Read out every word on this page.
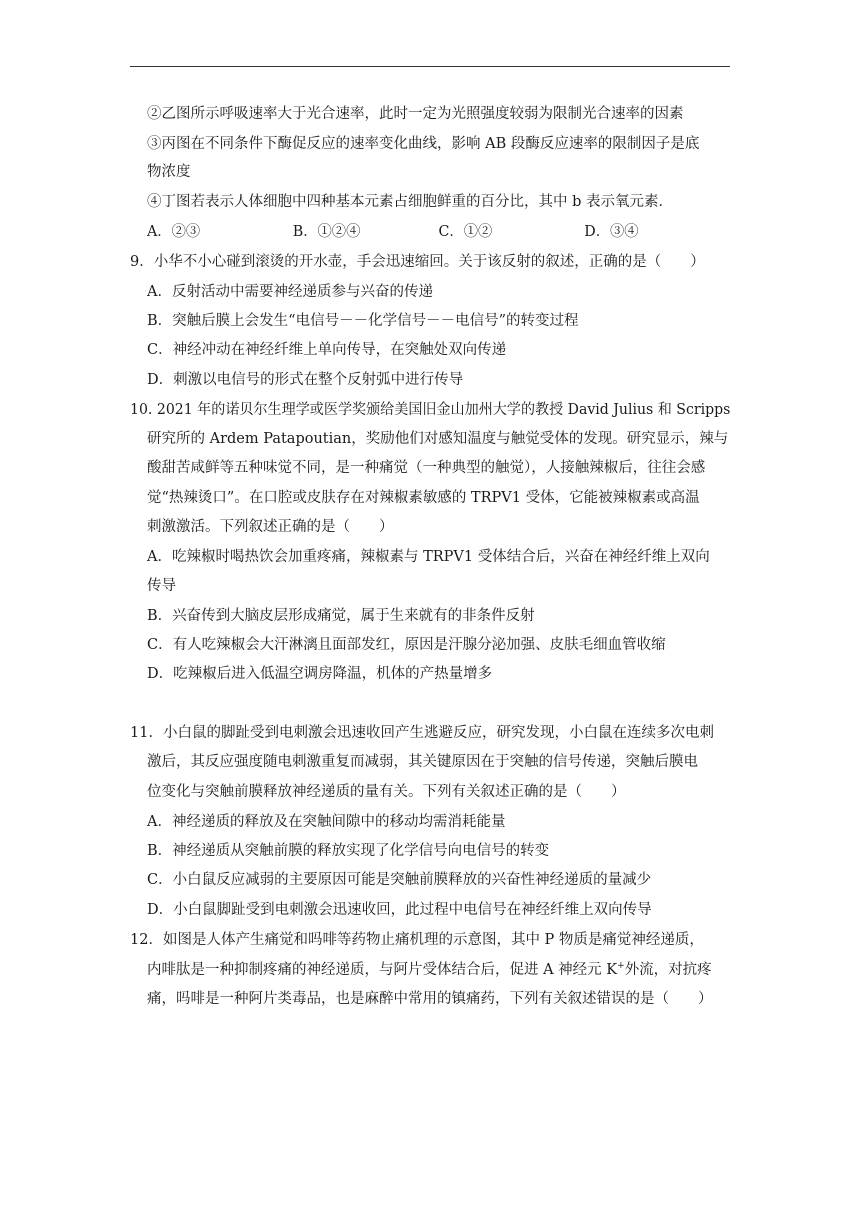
②乙图所示呼吸速率大于光合速率，此时一定为光照强度较弱为限制光合速率的因素
③丙图在不同条件下酶促反应的速率变化曲线，影响 AB 段酶反应速率的限制因子是底
物浓度
④丁图若表示人体细胞中四种基本元素占细胞鲜重的百分比，其中 b 表示氧元素．
A．②③	B．①②④	C．①②	D．③④
9．小华不小心碰到滚烫的开水壶，手会迅速缩回。关于该反射的叙述，正确的是（　　）
A．反射活动中需要神经递质参与兴奋的传递
B．突触后膜上会发生“电信号－－化学信号－－电信号”的转变过程
C．神经冲动在神经纤维上单向传导，在突触处双向传递
D．刺激以电信号的形式在整个反射弧中进行传导
10. 2021 年的诺贝尔生理学或医学奖颁给美国旧金山加州大学的教授 David Julius 和 Scripps
研究所的 Ardem Patapoutian，奖励他们对感知温度与触觉受体的发现。研究显示，辣与
酸甜苦咸鲜等五种味觉不同，是一种痛觉（一种典型的触觉），人接触辣椒后，往往会感
觉“热辣烫口”。在口腔或皮肤存在对辣椒素敏感的 TRPV1 受体，它能被辣椒素或高温
刺激激活。下列叙述正确的是（　　）
A．吃辣椒时喝热饮会加重疼痛，辣椒素与 TRPV1 受体结合后，兴奋在神经纤维上双向
传导
B．兴奋传到大脑皮层形成痛觉，属于生来就有的非条件反射
C．有人吃辣椒会大汗淋漓且面部发红，原因是汗腺分泌加强、皮肤毛细血管收缩
D．吃辣椒后进入低温空调房降温，机体的产热量增多
11．小白鼠的脚趾受到电刺激会迅速收回产生逃避反应，研究发现，小白鼠在连续多次电刺
激后，其反应强度随电刺激重复而减弱，其关键原因在于突触的信号传递，突触后膜电
位变化与突触前膜释放神经递质的量有关。下列有关叙述正确的是（　　）
A．神经递质的释放及在突触间隙中的移动均需消耗能量
B．神经递质从突触前膜的释放实现了化学信号向电信号的转变
C．小白鼠反应减弱的主要原因可能是突触前膜释放的兴奋性神经递质的量减少
D．小白鼠脚趾受到电刺激会迅速收回，此过程中电信号在神经纤维上双向传导
12．如图是人体产生痛觉和吗啡等药物止痛机理的示意图，其中 P 物质是痛觉神经递质，
内啡肽是一种抑制疼痛的神经递质，与阿片受体结合后，促进 A 神经元 K+外流，对抗疼
痛，吗啡是一种阿片类毒品，也是麻醉中常用的镇痛药，下列有关叙述错误的是（　　）
